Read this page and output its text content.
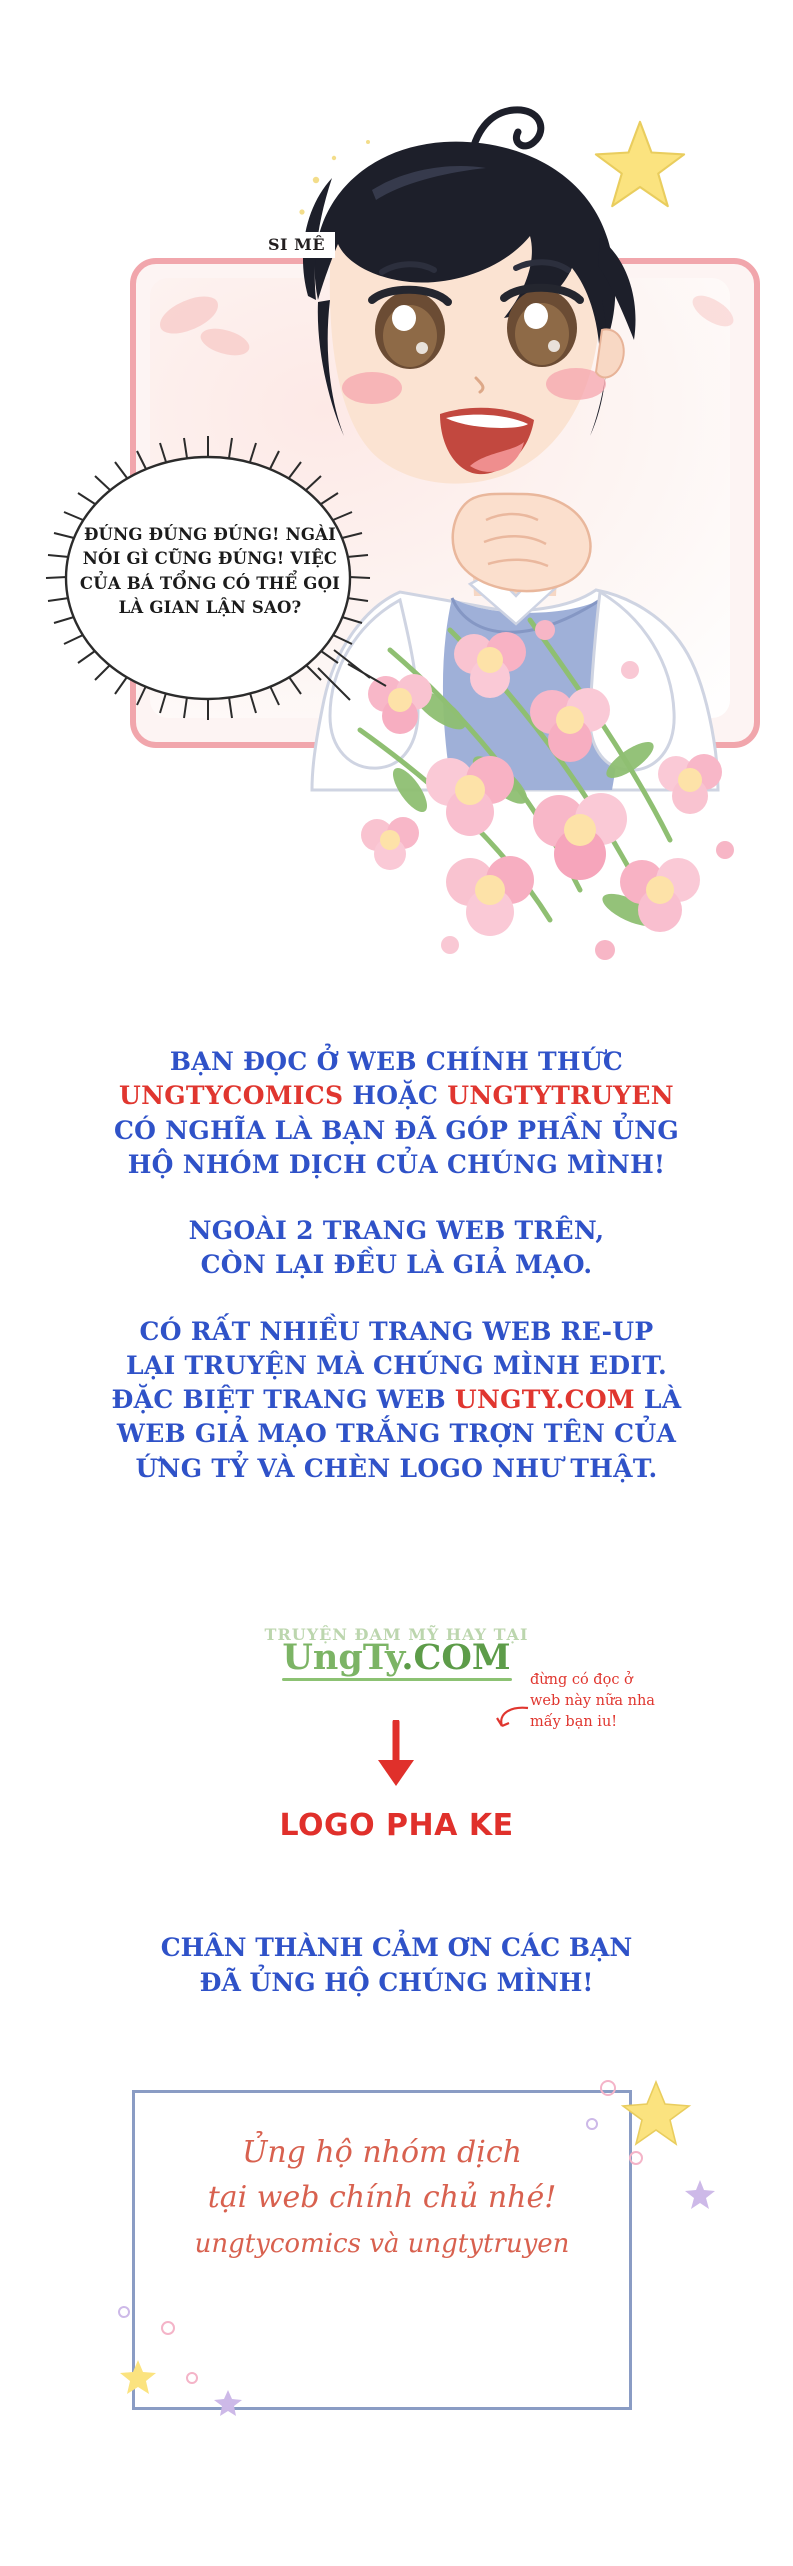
SI MÊ
ĐÚNG ĐÚNG ĐÚNG! NGÀI
NÓI GÌ CŨNG ĐÚNG! VIỆC
CỦA BÁ TỔNG CÓ THỂ GỌI
LÀ GIAN LẬN SAO?

BẠN ĐỌC Ở WEB CHÍNH THỨC

UNGTYCOMICS HOẶC UNGTYTRUYEN

CÓ NGHĨA LÀ BẠN ĐÃ GÓP PHẦN ỦNG

HỘ NHÓM DỊCH CỦA CHÚNG MÌNH!

NGOÀI 2 TRANG WEB TRÊN,

CÒN LẠI ĐỀU LÀ GIẢ MẠO.

CÓ RẤT NHIỀU TRANG WEB RE-UP

LẠI TRUYỆN MÀ CHÚNG MÌNH EDIT.

ĐẶC BIỆT TRANG WEB UNGTY.COM LÀ

WEB GIẢ MẠO TRẮNG TRỢN TÊN CỦA

ỨNG TỶ VÀ CHÈN LOGO NHƯ THẬT.

TRUYỆN ĐAM MỸ HAY TẠI
UngTy.COM
đừng có đọc ở
web này nữa nha
mấy bạn iu!
LOGO PHA KE
CHÂN THÀNH CẢM ƠN CÁC BẠN
ĐÃ ỦNG HỘ CHÚNG MÌNH!
Ủng hộ nhóm dịch
tại web chính chủ nhé!
ungtycomics và ungtytruyen
